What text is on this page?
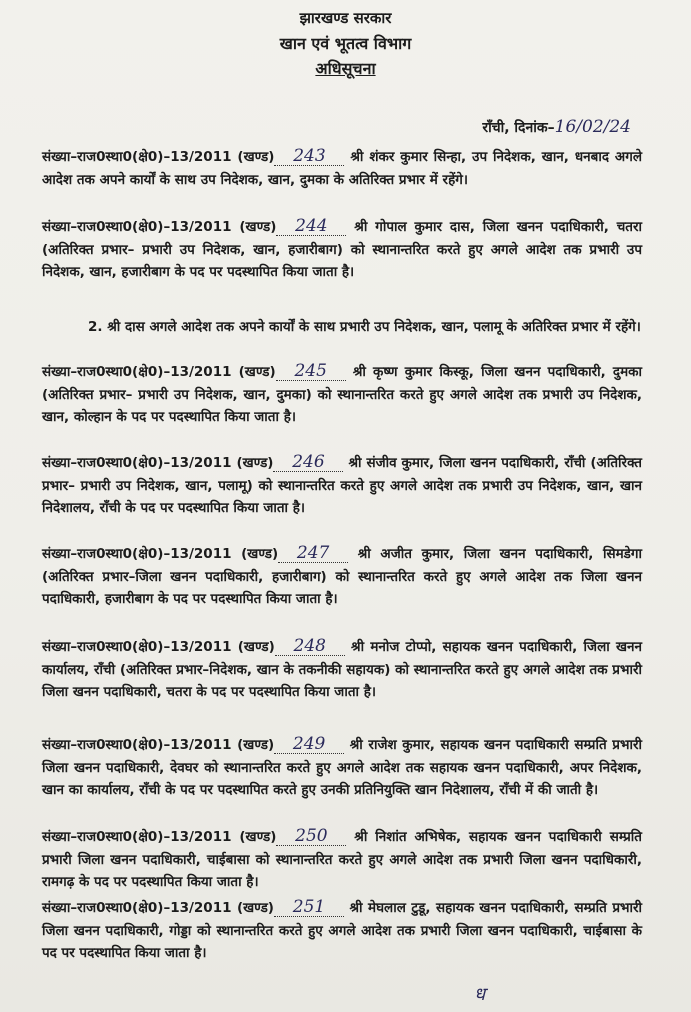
झारखण्ड सरकार
खान एवं भूतत्व विभाग
अधिसूचना
राँची, दिनांक–16/02/24
संख्या–राज0स्था0(क्षे0)–13/2011 (खण्ड) 243 श्री शंकर कुमार सिन्हा, उप निदेशक, खान, धनबाद अगले आदेश तक अपने कार्यों के साथ उप निदेशक, खान, दुमका के अतिरिक्त प्रभार में रहेंगे।
संख्या–राज0स्था0(क्षे0)–13/2011 (खण्ड) 244 श्री गोपाल कुमार दास, जिला खनन पदाधिकारी, चतरा (अतिरिक्त प्रभार– प्रभारी उप निदेशक, खान, हजारीबाग) को स्थानान्तरित करते हुए अगले आदेश तक प्रभारी उप निदेशक, खान, हजारीबाग के पद पर पदस्थापित किया जाता है।
2. श्री दास अगले आदेश तक अपने कार्यों के साथ प्रभारी उप निदेशक, खान, पलामू के अतिरिक्त प्रभार में रहेंगे।
संख्या–राज0स्था0(क्षे0)–13/2011 (खण्ड) 245 श्री कृष्ण कुमार किस्कू, जिला खनन पदाधिकारी, दुमका (अतिरिक्त प्रभार– प्रभारी उप निदेशक, खान, दुमका) को स्थानान्तरित करते हुए अगले आदेश तक प्रभारी उप निदेशक, खान, कोल्हान के पद पर पदस्थापित किया जाता है।
संख्या–राज0स्था0(क्षे0)–13/2011 (खण्ड) 246 श्री संजीव कुमार, जिला खनन पदाधिकारी, राँची (अतिरिक्त प्रभार– प्रभारी उप निदेशक, खान, पलामू) को स्थानान्तरित करते हुए अगले आदेश तक प्रभारी उप निदेशक, खान, खान निदेशालय, राँची के पद पर पदस्थापित किया जाता है।
संख्या–राज0स्था0(क्षे0)–13/2011 (खण्ड) 247 श्री अजीत कुमार, जिला खनन पदाधिकारी, सिमडेगा (अतिरिक्त प्रभार–जिला खनन पदाधिकारी, हजारीबाग) को स्थानान्तरित करते हुए अगले आदेश तक जिला खनन पदाधिकारी, हजारीबाग के पद पर पदस्थापित किया जाता है।
संख्या–राज0स्था0(क्षे0)–13/2011 (खण्ड) 248 श्री मनोज टोप्पो, सहायक खनन पदाधिकारी, जिला खनन कार्यालय, राँची (अतिरिक्त प्रभार–निदेशक, खान के तकनीकी सहायक) को स्थानान्तरित करते हुए अगले आदेश तक प्रभारी जिला खनन पदाधिकारी, चतरा के पद पर पदस्थापित किया जाता है।
संख्या–राज0स्था0(क्षे0)–13/2011 (खण्ड) 249 श्री राजेश कुमार, सहायक खनन पदाधिकारी सम्प्रति प्रभारी जिला खनन पदाधिकारी, देवघर को स्थानान्तरित करते हुए अगले आदेश तक सहायक खनन पदाधिकारी, अपर निदेशक, खान का कार्यालय, राँची के पद पर पदस्थापित करते हुए उनकी प्रतिनियुक्ति खान निदेशालय, राँची में की जाती है।
संख्या–राज0स्था0(क्षे0)–13/2011 (खण्ड) 250 श्री निशांत अभिषेक, सहायक खनन पदाधिकारी सम्प्रति प्रभारी जिला खनन पदाधिकारी, चाईबासा को स्थानान्तरित करते हुए अगले आदेश तक प्रभारी जिला खनन पदाधिकारी, रामगढ़ के पद पर पदस्थापित किया जाता है।
संख्या–राज0स्था0(क्षे0)–13/2011 (खण्ड) 251 श्री मेघलाल टुडू, सहायक खनन पदाधिकारी, सम्प्रति प्रभारी जिला खनन पदाधिकारी, गोड्डा को स्थानान्तरित करते हुए अगले आदेश तक प्रभारी जिला खनन पदाधिकारी, चाईबासा के पद पर पदस्थापित किया जाता है।
ध
